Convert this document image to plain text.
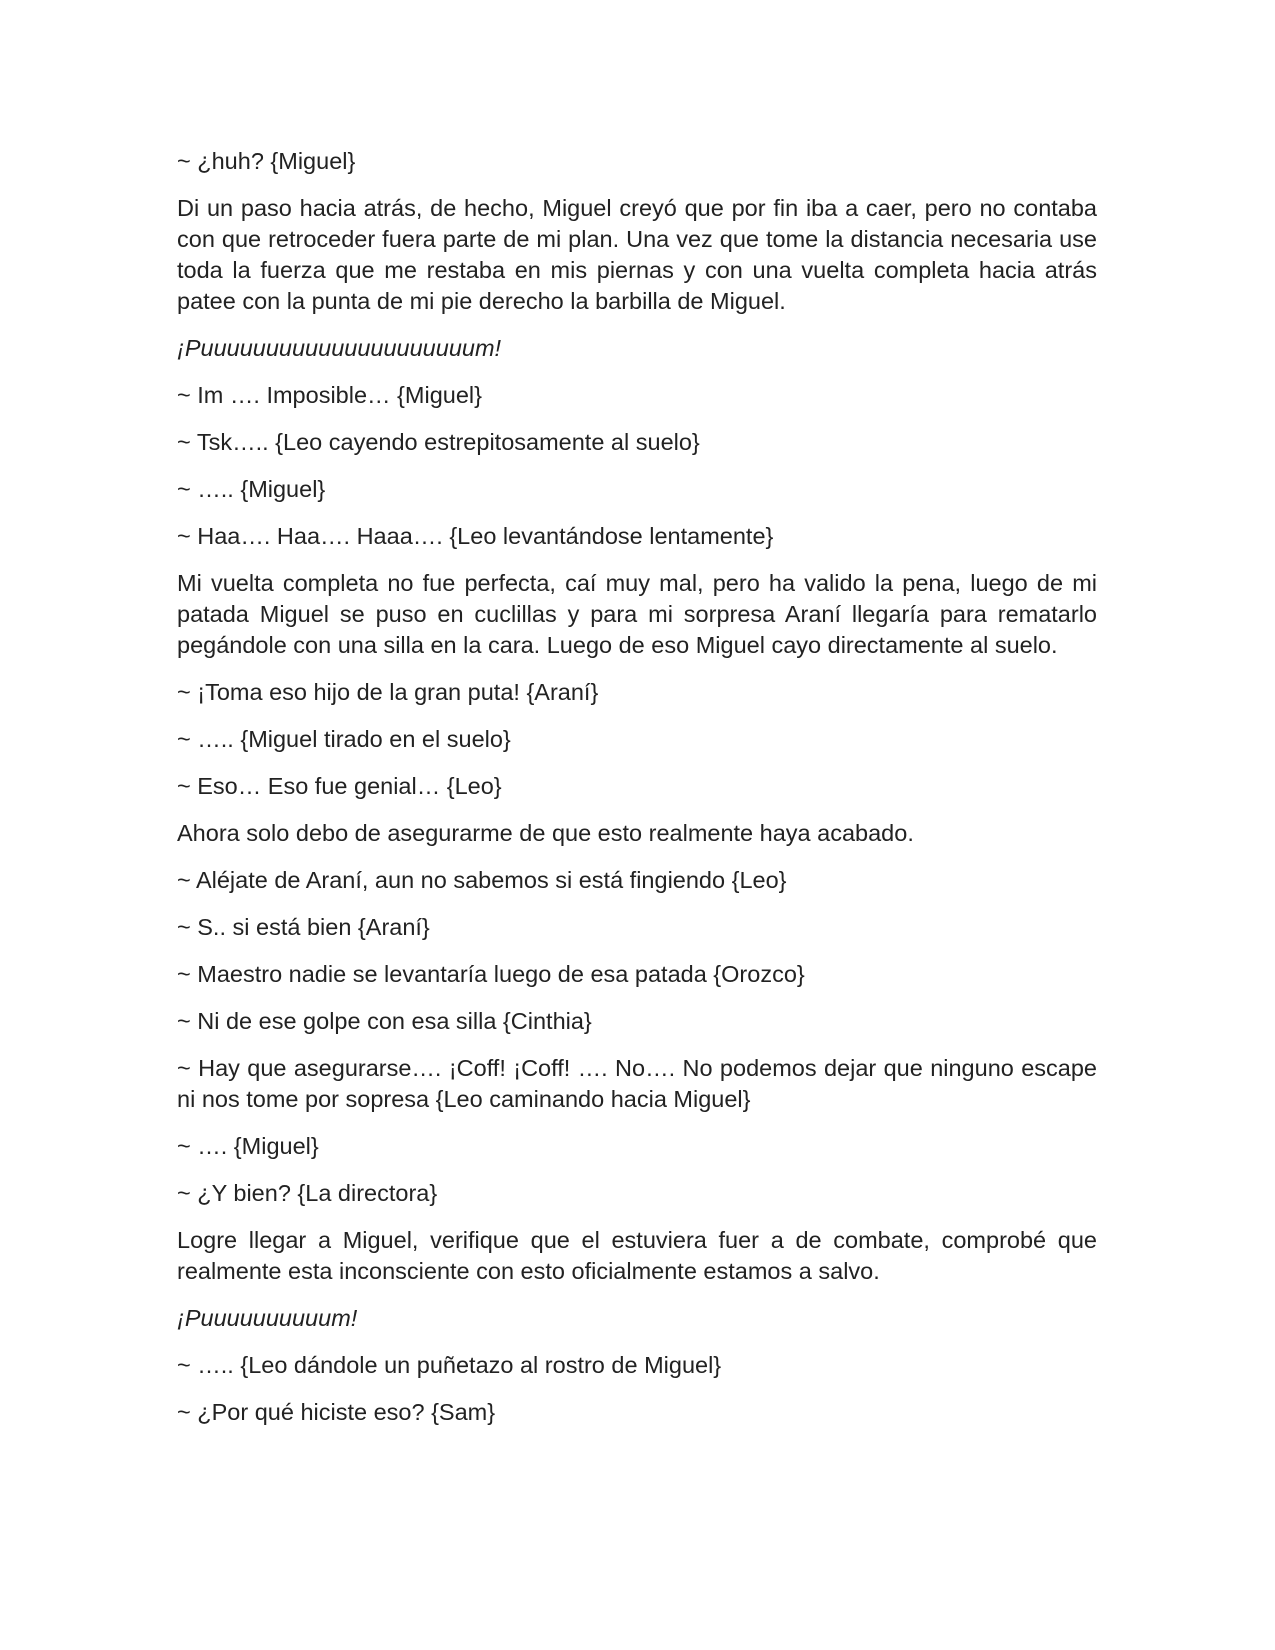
~ ¿huh? {Miguel}

Di un paso hacia atrás, de hecho, Miguel creyó que por fin iba a caer, pero no contaba con que retroceder fuera parte de mi plan. Una vez que tome la distancia necesaria use toda la fuerza que me restaba en mis piernas y con una vuelta completa hacia atrás patee con la punta de mi pie derecho la barbilla de Miguel.

¡Puuuuuuuuuuuuuuuuuuuuum!

~ Im …. Imposible… {Miguel}

~ Tsk….. {Leo cayendo estrepitosamente al suelo}

~ ….. {Miguel}

~ Haa…. Haa…. Haaa…. {Leo levantándose lentamente}

Mi vuelta completa no fue perfecta, caí muy mal, pero ha valido la pena, luego de mi patada Miguel se puso en cuclillas y para mi sorpresa Araní llegaría para rematarlo pegándole con una silla en la cara. Luego de eso Miguel cayo directamente al suelo.

~ ¡Toma eso hijo de la gran puta! {Araní}

~ ….. {Miguel tirado en el suelo}

~ Eso… Eso fue genial… {Leo}

Ahora solo debo de asegurarme de que esto realmente haya acabado.

~ Aléjate de Araní, aun no sabemos si está fingiendo {Leo}

~ S.. si está bien {Araní}

~ Maestro nadie se levantaría luego de esa patada {Orozco}

~ Ni de ese golpe con esa silla {Cinthia}

~ Hay que asegurarse…. ¡Coff! ¡Coff! …. No…. No podemos dejar que ninguno escape ni nos tome por sopresa {Leo caminando hacia Miguel}

~ …. {Miguel}

~ ¿Y bien? {La directora}

Logre llegar a Miguel, verifique que el estuviera fuer a de combate, comprobé que realmente esta inconsciente con esto oficialmente estamos a salvo.

¡Puuuuuuuuuum!

~ ….. {Leo dándole un puñetazo al rostro de Miguel}

~ ¿Por qué hiciste eso? {Sam}
